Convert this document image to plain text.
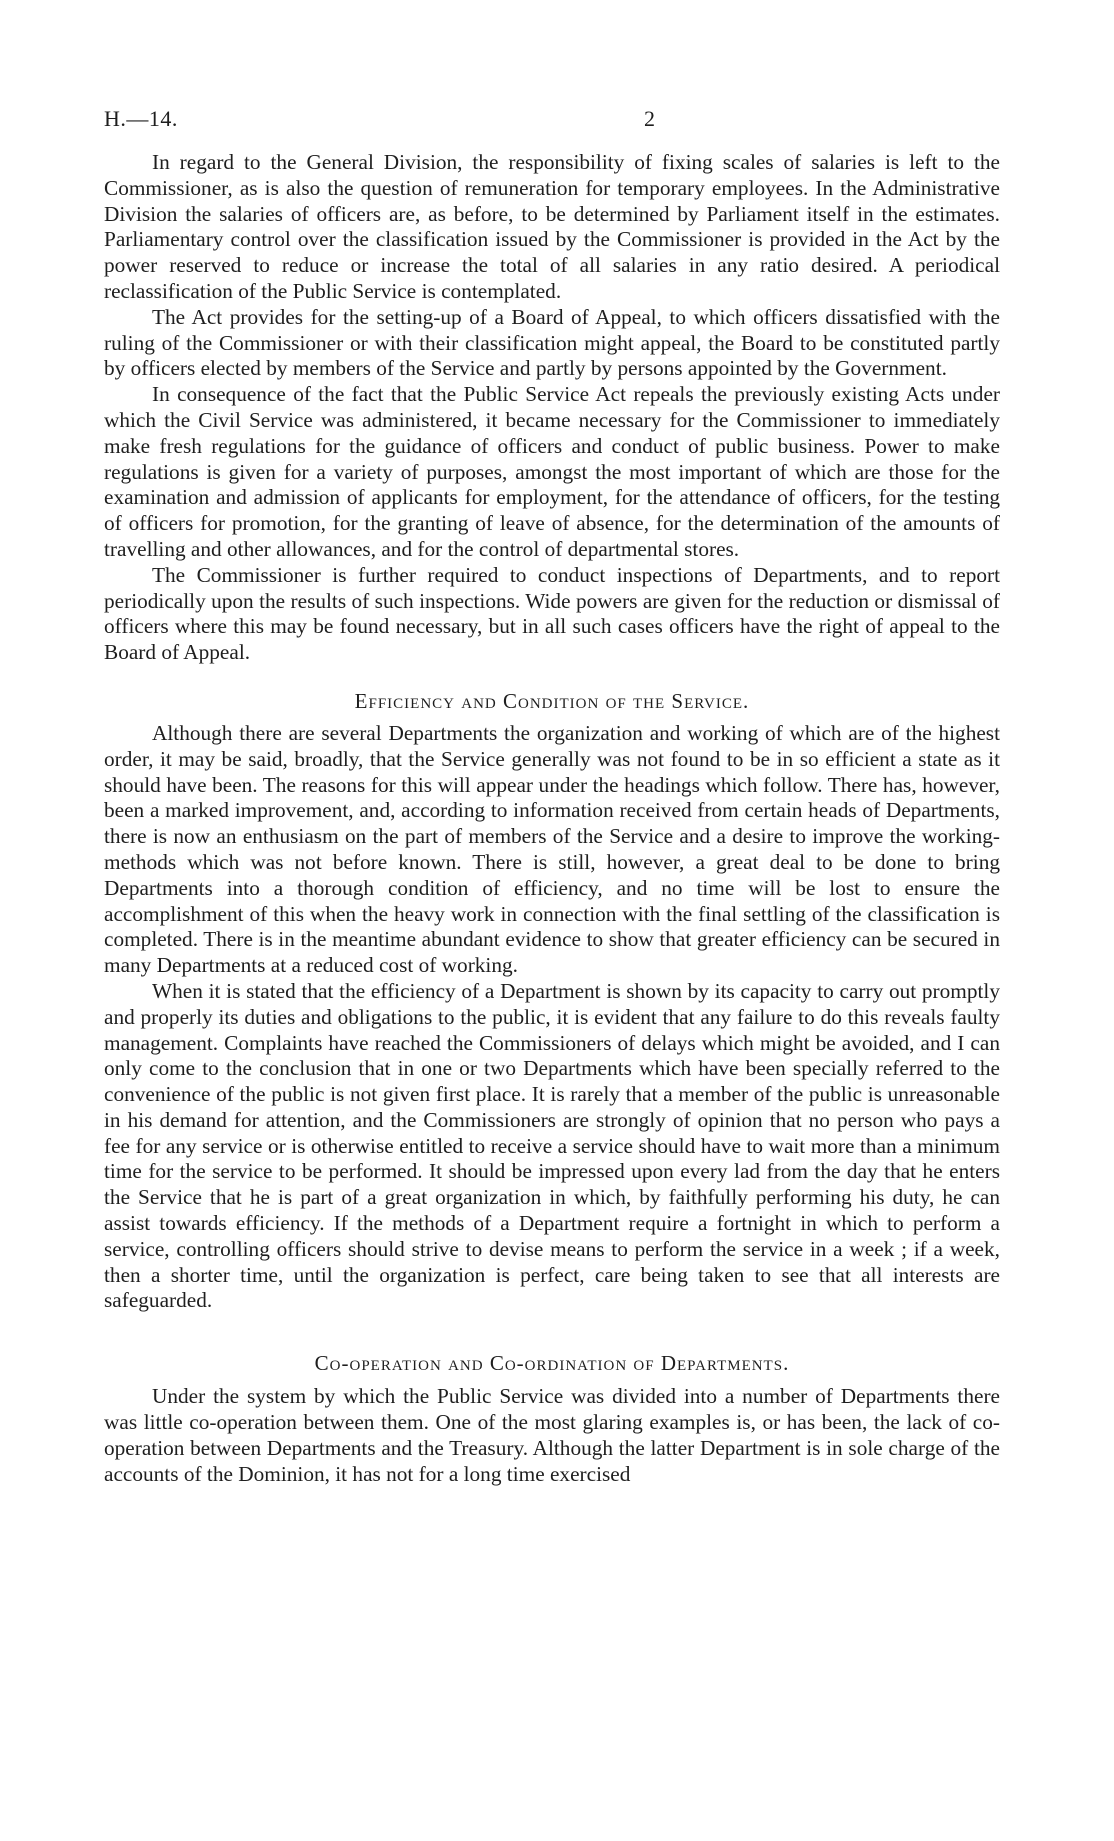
H.—14.	2

In regard to the General Division, the responsibility of fixing scales of salaries is left to the Commissioner, as is also the question of remuneration for temporary employees. In the Administrative Division the salaries of officers are, as before, to be determined by Parliament itself in the estimates. Parliamentary control over the classification issued by the Commissioner is provided in the Act by the power reserved to reduce or increase the total of all salaries in any ratio desired. A periodical reclassification of the Public Service is contemplated.

The Act provides for the setting-up of a Board of Appeal, to which officers dissatisfied with the ruling of the Commissioner or with their classification might appeal, the Board to be constituted partly by officers elected by members of the Service and partly by persons appointed by the Government.

In consequence of the fact that the Public Service Act repeals the previously existing Acts under which the Civil Service was administered, it became necessary for the Commissioner to immediately make fresh regulations for the guidance of officers and conduct of public business. Power to make regulations is given for a variety of purposes, amongst the most important of which are those for the examination and admission of applicants for employment, for the attendance of officers, for the testing of officers for promotion, for the granting of leave of absence, for the determination of the amounts of travelling and other allowances, and for the control of departmental stores.

The Commissioner is further required to conduct inspections of Departments, and to report periodically upon the results of such inspections. Wide powers are given for the reduction or dismissal of officers where this may be found necessary, but in all such cases officers have the right of appeal to the Board of Appeal.

Efficiency and Condition of the Service.

Although there are several Departments the organization and working of which are of the highest order, it may be said, broadly, that the Service generally was not found to be in so efficient a state as it should have been. The reasons for this will appear under the headings which follow. There has, however, been a marked improvement, and, according to information received from certain heads of Departments, there is now an enthusiasm on the part of members of the Service and a desire to improve the working-methods which was not before known. There is still, however, a great deal to be done to bring Departments into a thorough condition of efficiency, and no time will be lost to ensure the accomplishment of this when the heavy work in connection with the final settling of the classification is completed. There is in the meantime abundant evidence to show that greater efficiency can be secured in many Departments at a reduced cost of working.

When it is stated that the efficiency of a Department is shown by its capacity to carry out promptly and properly its duties and obligations to the public, it is evident that any failure to do this reveals faulty management. Complaints have reached the Commissioners of delays which might be avoided, and I can only come to the conclusion that in one or two Departments which have been specially referred to the convenience of the public is not given first place. It is rarely that a member of the public is unreasonable in his demand for attention, and the Commissioners are strongly of opinion that no person who pays a fee for any service or is otherwise entitled to receive a service should have to wait more than a minimum time for the service to be performed. It should be impressed upon every lad from the day that he enters the Service that he is part of a great organization in which, by faithfully performing his duty, he can assist towards efficiency. If the methods of a Department require a fortnight in which to perform a service, controlling officers should strive to devise means to perform the service in a week ; if a week, then a shorter time, until the organization is perfect, care being taken to see that all interests are safeguarded.

Co-operation and Co-ordination of Departments.

Under the system by which the Public Service was divided into a number of Departments there was little co-operation between them. One of the most glaring examples is, or has been, the lack of co-operation between Departments and the Treasury. Although the latter Department is in sole charge of the accounts of the Dominion, it has not for a long time exercised
